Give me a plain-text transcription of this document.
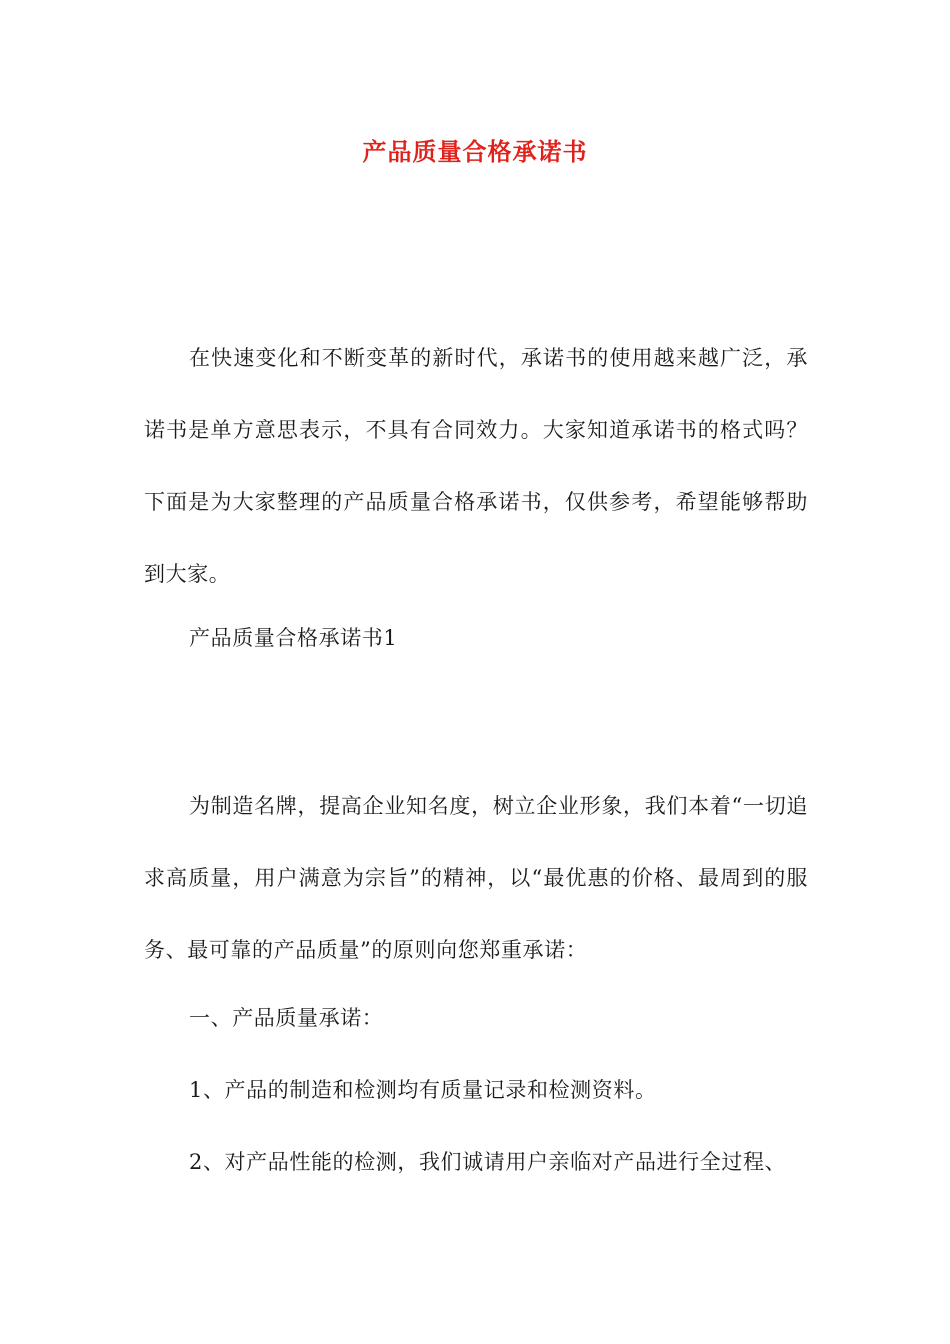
产品质量合格承诺书
在快速变化和不断变革的新时代，承诺书的使用越来越广泛，承诺书是单方意思表示，不具有合同效力。大家知道承诺书的格式吗？下面是为大家整理的产品质量合格承诺书，仅供参考，希望能够帮助到大家。
产品质量合格承诺书1
为制造名牌，提高企业知名度，树立企业形象，我们本着“一切追求高质量，用户满意为宗旨”的精神，以“最优惠的价格、最周到的服务、最可靠的产品质量”的原则向您郑重承诺：
一、产品质量承诺：
1、产品的制造和检测均有质量记录和检测资料。
2、对产品性能的检测，我们诚请用户亲临对产品进行全过程、
